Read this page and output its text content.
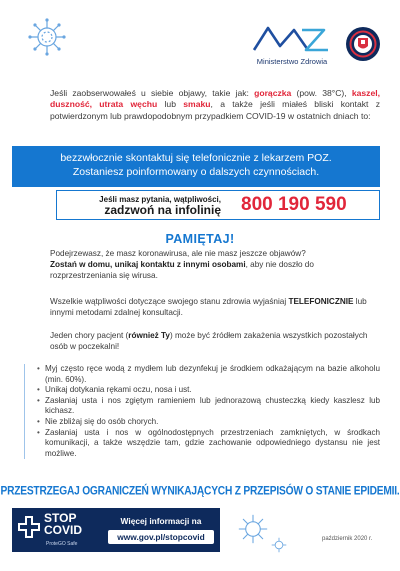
Ministerstwo Zdrowia
Jeśli zaobserwowałeś u siebie objawy, takie jak: gorączka (pow. 38°C), kaszel, duszność, utrata węchu lub smaku, a także jeśli miałeś bliski kontakt z potwierdzonym lub prawdopodobnym przypadkiem COVID-19 w ostatnich dniach to:
bezzwłocznie skontaktuj się telefonicznie z lekarzem POZ.
Zostaniesz poinformowany o dalszych czynnościach.
Jeśli masz pytania, wątpliwości,
zadzwoń na infolinię 800 190 590
PAMIĘTAJ!
Podejrzewasz, że masz koronawirusa, ale nie masz jeszcze objawów?
Zostań w domu, unikaj kontaktu z innymi osobami, aby nie doszło do rozprzestrzeniania się wirusa.
Wszelkie wątpliwości dotyczące swojego stanu zdrowia wyjaśniaj TELEFONICZNIE lub innymi metodami zdalnej konsultacji.
Jeden chory pacjent (również Ty) może być źródłem zakażenia wszystkich pozostałych osób w poczekalni!
• Myj często ręce wodą z mydłem lub dezynfekuj je środkiem odkażającym na bazie alkoholu (min. 60%).
• Unikaj dotykania rękami oczu, nosa i ust.
• Zasłaniaj usta i nos zgiętym ramieniem lub jednorazową chusteczką kiedy kaszlesz lub kichasz.
• Nie zbliżaj się do osób chorych.
• Zasłaniaj usta i nos w ogólnodostępnych przestrzeniach zamkniętych, w środkach komunikacji, a także wszędzie tam, gdzie zachowanie odpowiedniego dystansu nie jest możliwe.
PRZESTRZEGAJ OGRANICZEŃ WYNIKAJĄCYCH Z PRZEPISÓW O STANIE EPIDEMII.
STOP
COVID
ProteGO Safe
Więcej informacji na
www.gov.pl/stopcovid	październik 2020 r.
